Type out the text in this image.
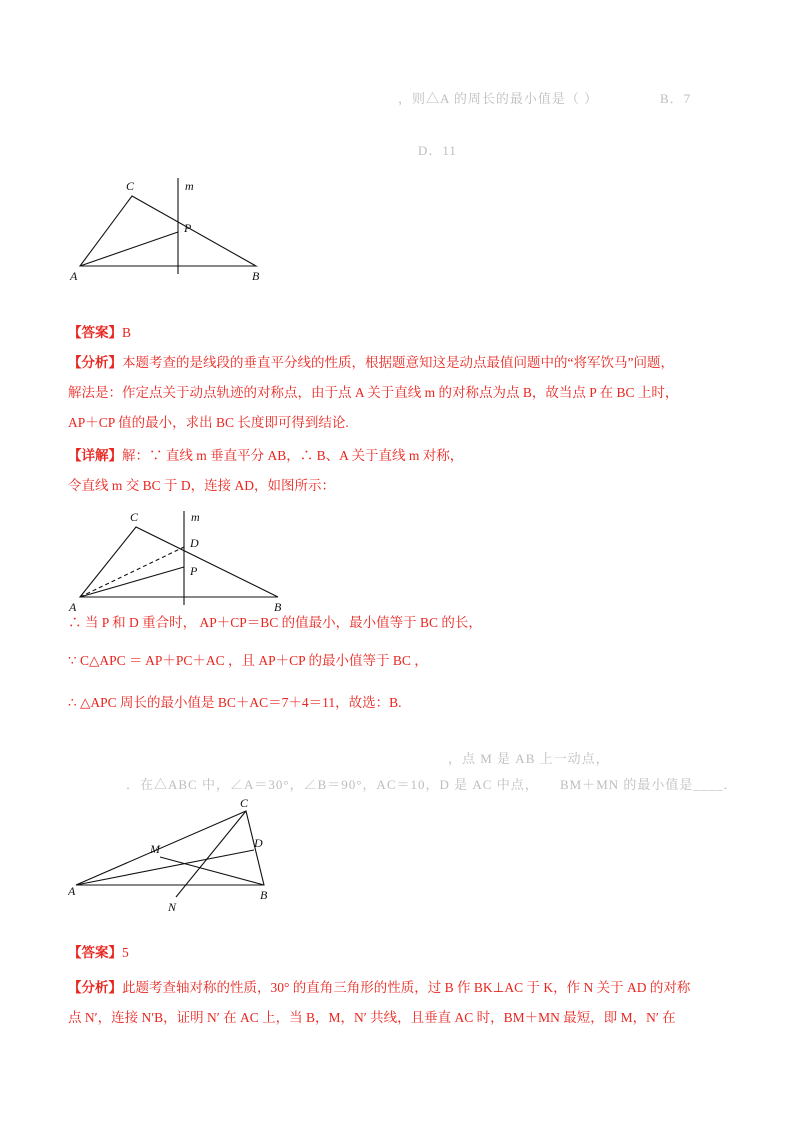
，则△A 的周长的最小值是（ ）	B．7
D．11
C	m
P
A	B
【答案】B
【分析】本题考查的是线段的垂直平分线的性质，根据题意知这是动点最值问题中的“将军饮马”问题，
解法是：作定点关于动点轨迹的对称点，由于点 A 关于直线 m 的对称点为点 B，故当点 P 在 BC 上时，
AP＋CP 值的最小，求出 BC 长度即可得到结论.
【详解】解：∵ 直线 m 垂直平分 AB，∴ B、A 关于直线 m 对称，
令直线 m 交 BC 于 D，连接 AD，如图所示：
C	m
D
P
A	B
∴ 当 P 和 D 重合时， AP＋CP＝BC 的值最小，最小值等于 BC 的长，
∵ C△APC ＝ AP＋PC＋AC ，且 AP＋CP 的最小值等于 BC ，
∴ △APC 周长的最小值是 BC＋AC＝7＋4＝11，故选：B.
，点 M 是 AB 上一动点，
．在△ABC 中，∠A＝30°，∠B＝90°，AC＝10，D 是 AC 中点， BM＋MN 的最小值是____．
C
D
M
A
N
B
【答案】5
【分析】此题考查轴对称的性质，30° 的直角三角形的性质，过 B 作 BK⊥AC 于 K，作 N 关于 AD 的对称
点 N′，连接 N′B，证明 N′ 在 AC 上，当 B，M，N′ 共线，且垂直 AC 时，BM＋MN 最短，即 M，N′ 在
